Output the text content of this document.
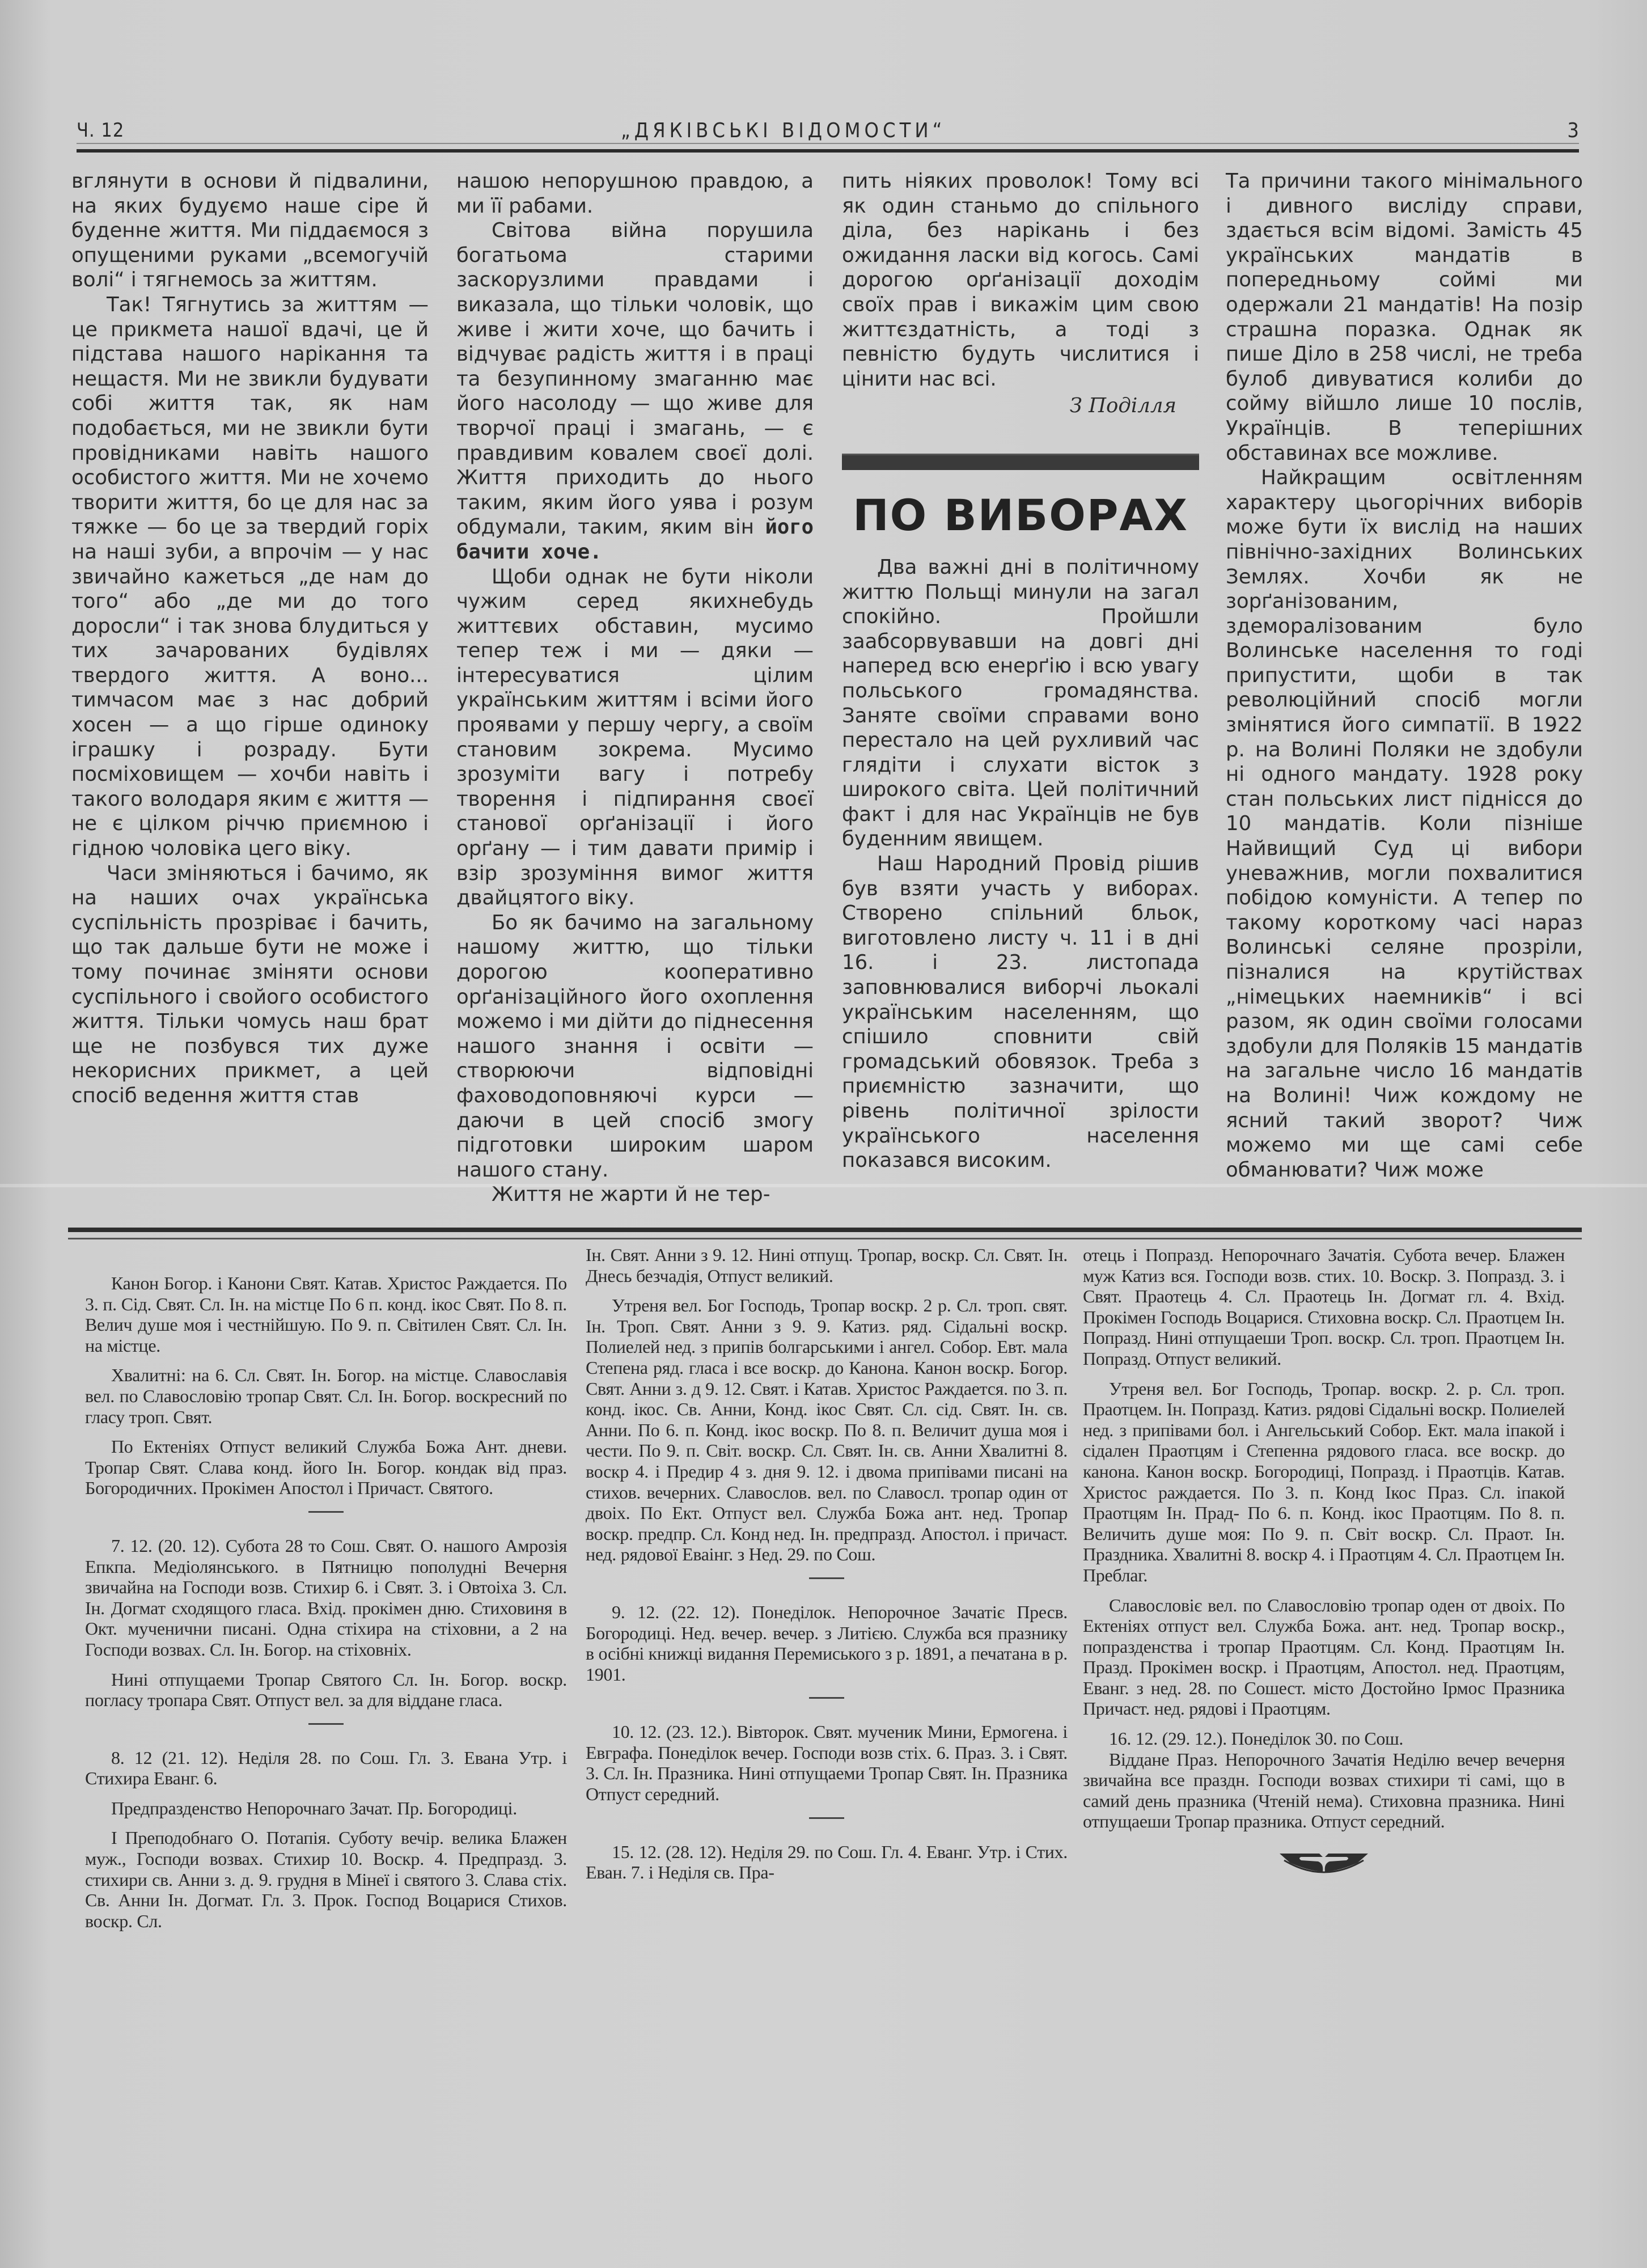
Ч. 12	„ДЯКІВСЬКІ ВІДОМОСТИ“	3

вглянути в основи й підвалини, на яких будуємо наше сіре й буденне життя. Ми піддаємося з опущеними руками „всемогучій волі“ і тягнемось за життям.

Так! Тягнутись за життям — це прикмета нашої вдачі, це й підстава нашого нарікання та нещастя. Ми не звикли будувати собі життя так, як нам подобається, ми не звикли бути провідниками навіть нашого особистого життя. Ми не хочемо творити життя, бо це для нас за тяжке — бо це за твердий горіх на наші зуби, а впрочім — у нас звичайно кажеться „де нам до того“ або „де ми до того доросли“ і так знова блудиться у тих зачарованих будівлях твердого життя. А воно... тимчасом має з нас добрий хосен — а що гірше одиноку іграшку і розраду. Бути посміховищем — хочби навіть і такого володаря яким є життя — не є цілком річчю приємною і гідною чоловіка цего віку.

Часи зміняються і бачимо, як на наших очах українська суспільність прозріває і бачить, що так дальше бути не може і тому починає зміняти основи суспільного і свойого особистого життя. Тільки чомусь наш брат ще не позбувся тих дуже некорисних прикмет, а цей спосіб ведення життя став

нашою непорушною правдою, а ми її рабами.

Світова війна порушила богатьома старими заскорузлими правдами і виказала, що тільки чоловік, що живе і жити хоче, що бачить і відчуває радість життя і в праці та безупинному змаганню має його насолоду — що живе для творчої праці і змагань, — є правдивим ковалем своєї долі. Життя приходить до нього таким, яким його уява і розум обдумали, таким, яким він його бачити хоче.

Щоби однак не бути ніколи чужим серед якихнебудь життєвих обставин, мусимо тепер теж і ми — дяки — інтересуватися цілим українським життям і всіми його проявами у першу чергу, а своїм становим зокрема. Мусимо зрозуміти вагу і потребу творення і підпирання своєї станової орґанізації і його орґану — і тим давати примір і взір зрозуміння вимог життя двайцятого віку.

Бо як бачимо на загальному нашому життю, що тільки дорогою кооперативно орґанізаційного його охоплення можемо і ми дійти до піднесення нашого знання і освіти — створюючи відповідні фаховодоповняючі курси — даючи в цей спосіб змогу підготовки широким шаром нашого стану.

Життя не жарти й не тер-

пить ніяких проволок! Тому всі як один станьмо до спільного діла, без нарікань і без ожидання ласки від когось. Самі дорогою орґанізації доходім своїх прав і викажім цим свою життєздатність, а тоді з певністю будуть числитися і цінити нас всі.

З Поділля
ПО ВИБОРАХ

Два важні дні в політичному життю Польщі минули на загал спокійно. Пройшли заабсорвувавши на довгі дні наперед всю енерґію і всю увагу польського громадянства. Заняте своїми справами воно перестало на цей рухливий час глядіти і слухати вісток з широкого світа. Цей політичний факт і для нас Українців не був буденним явищем.

Наш Народний Провід рішив був взяти участь у виборах. Створено спільний бльок, виготовлено листу ч. 11 і в дні 16. і 23. листопада заповнювалися виборчі льокалі українським населенням, що спішило сповнити свій громадський обовязок. Треба з приємністю зазначити, що рівень політичної зрілости українського населення показався високим.

Та причини такого мінімального і дивного висліду справи, здається всім відомі. Замість 45 українських мандатів в попередньому соймі ми одержали 21 мандатів! На позір страшна поразка. Однак як пише Діло в 258 числі, не треба булоб дивуватися колиби до сойму війшло лише 10 послів, Українців. В теперішних обставинах все можливе.

Найкращим освітленням характеру цьогорічних виборів може бути їх вислід на наших північно-західних Волинських Землях. Хочби як не зорґанізованим, здеморалізованим було Волинське населення то годі припустити, щоби в так революційний спосіб могли змінятися його симпатії. В 1922 р. на Волині Поляки не здобули ні одного мандату. 1928 року стан польських лист піднісся до 10 мандатів. Коли пізніше Найвищий Суд ці вибори уневажнив, могли похвалитися побідою комуністи. А тепер по такому короткому часі нараз Волинські селяне прозріли, пізналися на крутійствах „німецьких наемників“ і всі разом, як один своїми голосами здобули для Поляків 15 мандатів на загальне число 16 мандатів на Волині! Чиж кождому не ясний такий зворот? Чиж можемо ми ще самі себе обманювати? Чиж може

Канон Богор. і Канони Свят. Катав. Христос Раждается. По 3. п. Сід. Свят. Сл. Ін. на містце По 6 п. конд. ікос Свят. По 8. п. Велич душе моя і честнійшую. По 9. п. Світилен Свят. Сл. Ін. на містце.

Хвалитні: на 6. Сл. Свят. Ін. Богор. на містце. Славославія вел. по Славословію тропар Свят. Сл. Ін. Богор. воскресний по гласу троп. Свят.

По Ектеніях Отпуст великий Служба Божа Ант. дневи. Тропар Свят. Слава конд. його Ін. Богор. кондак від праз. Богородичних. Прокімен Апостол і Причаст. Святого.

7. 12. (20. 12). Субота 28 то Сош. Свят. О. нашого Амрозія Епкпа. Медіолянського. в Пятницю пополудні Вечерня звичайна на Господи возв. Стихир 6. і Свят. 3. і Овтоіха 3. Сл. Ін. Догмат сходящого гласа. Вхід. прокімен дню. Стиховиня в Окт. мученични писані. Одна стіхира на стіховни, а 2 на Господи возвах. Сл. Ін. Богор. на стіховніх.

Нині отпущаеми Тропар Святого Сл. Ін. Богор. воскр. погласу тропара Свят. Отпуст вел. за для віддане гласа.

8. 12 (21. 12). Неділя 28. по Сош. Гл. 3. Евана Утр. і Стихира Еванг. 6.

Предпразденство Непорочнаго Зачат. Пр. Богородиці.

І Преподобнаго О. Потапія. Суботу вечір. велика Блажен муж., Господи возвах. Стихир 10. Воскр. 4. Предпразд. 3. стихири св. Анни з. д. 9. грудня в Мінеї і святого 3. Слава стіх. Св. Анни Ін. Догмат. Гл. 3. Прок. Господ Воцарися Стихов. воскр. Сл.

Ін. Свят. Анни з 9. 12. Нині отпущ. Тропар, воскр. Сл. Свят. Ін. Днесь безчадія, Отпуст великий.

Утреня вел. Бог Господь, Тропар воскр. 2 р. Сл. троп. свят. Ін. Троп. Свят. Анни з 9. 9. Катиз. ряд. Сідальні воскр. Полиелей нед. з припів болгарськими і ангел. Собор. Евт. мала Степена ряд. гласа і все воскр. до Канона. Канон воскр. Богор. Свят. Анни з. д 9. 12. Свят. і Катав. Христос Раждается. по 3. п. конд. ікос. Св. Анни, Конд. ікос Свят. Сл. сід. Свят. Ін. св. Анни. По 6. п. Конд. ікос воскр. По 8. п. Величит душа моя і чести. По 9. п. Світ. воскр. Сл. Свят. Ін. св. Анни Хвалитні 8. воскр 4. і Предир 4 з. дня 9. 12. і двома припівами писані на стихов. вечерних. Славослов. вел. по Славосл. тропар один от двоіх. По Ект. Отпуст вел. Служба Божа ант. нед. Тропар воскр. предпр. Сл. Конд нед. Ін. предпразд. Апостол. і причаст. нед. рядової Еваінг. з Нед. 29. по Сош.

9. 12. (22. 12). Понеділок. Непорочное Зачатіє Пресв. Богородиці. Нед. вечер. вечер. з Литією. Служба вся празнику в осібні книжці видання Перемиського з р. 1891, а печатана в р. 1901.

10. 12. (23. 12.). Вівторок. Свят. мученик Мини, Ермогена. і Евграфа. Понеділок вечер. Господи возв стіх. 6. Праз. 3. і Свят. 3. Сл. Ін. Празника. Нині отпущаеми Тропар Свят. Ін. Празника Отпуст середний.

15. 12. (28. 12). Неділя 29. по Сош. Гл. 4. Еванг. Утр. і Стих. Еван. 7. і Неділя св. Пра-

отець і Попразд. Непорочнаго Зачатія. Субота вечер. Блажен муж Катиз вся. Господи возв. стих. 10. Воскр. 3. Попразд. 3. і Свят. Праотець 4. Сл. Праотець Ін. Догмат гл. 4. Вхід. Прокімен Господь Воцарися. Стиховна воскр. Сл. Праотцем Ін. Попразд. Нині отпущаеши Троп. воскр. Сл. троп. Праотцем Ін. Попразд. Отпуст великий.

Утреня вел. Бог Господь, Тропар. воскр. 2. р. Сл. троп. Праотцем. Ін. Попразд. Катиз. рядові Сідальні воскр. Полиелей нед. з припівами бол. і Ангельський Собор. Ект. мала іпакой і сідален Праотцям і Степенна рядового гласа. все воскр. до канона. Канон воскр. Богородиці, Попразд. і Праотців. Катав. Христос раждается. По 3. п. Конд Ікос Праз. Сл. іпакой Праотцям Ін. Прад- По 6. п. Конд. ікос Праотцям. По 8. п. Величить душе моя: По 9. п. Світ воскр. Сл. Праот. Ін. Праздника. Хвалитні 8. воскр 4. і Праотцям 4. Сл. Праотцем Ін. Преблаг.

Славословіє вел. по Славословію тропар оден от двоіх. По Ектеніях отпуст вел. Служба Божа. ант. нед. Тропар воскр., попразденства і тропар Праотцям. Сл. Конд. Праотцям Ін. Празд. Прокімен воскр. і Праотцям, Апостол. нед. Праотцям, Еванг. з нед. 28. по Сошест. місто Достойно Ірмос Празника Причаст. нед. рядові і Праотцям.

16. 12. (29. 12.). Понеділок 30. по Сош.

Віддане Праз. Непорочного Зачатія Неділю вечер вечерня звичайна все праздн. Господи возвах стихири ті самі, що в самий день празника (Чтеній нема). Стиховна празника. Нині отпущаеши Тропар празника. Отпуст середний.
